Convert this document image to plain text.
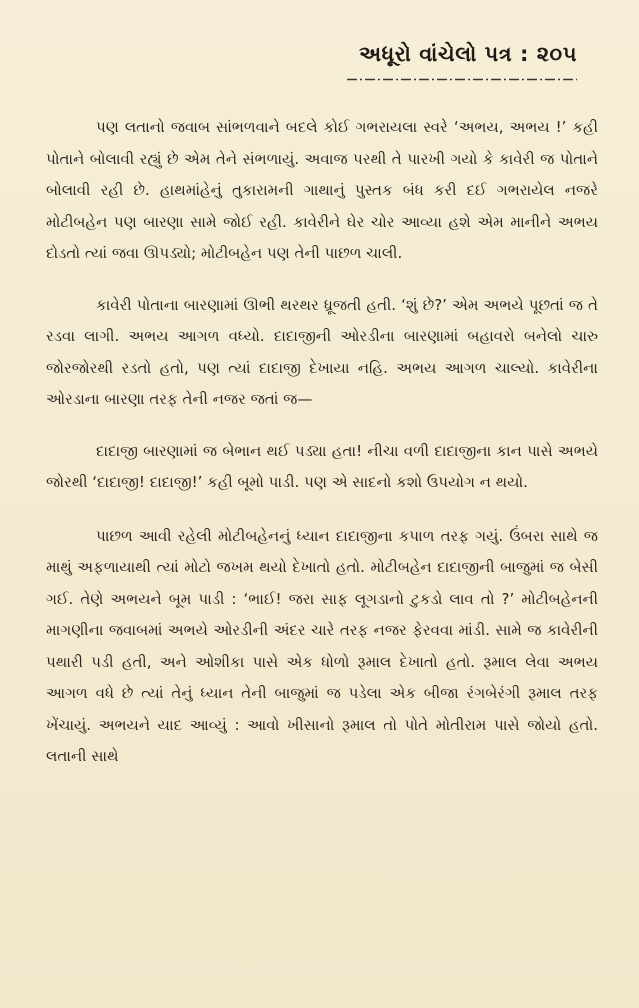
અધૂરો વાંચેલો પત્ર : ૨૦૫

પણ લતાનો જવાબ સાંભળવાને બદલે કોઈ ગભરાયલા સ્વરે ‘અભય, અભય !’ કહી પોતાને બોલાવી રહ્યું છે એમ તેને સંભળાયું. અવાજ પરથી તે પારખી ગયો કે કાવેરી જ પોતાને બોલાવી રહી છે. હાથમાંહેનું તુકારામની ગાથાનું પુસ્તક બંધ કરી દઈ ગભરાયેલ નજરે મોટીબહેન પણ બારણા સામે જોઈ રહી. કાવેરીને ઘેર ચોર આવ્યા હશે એમ માનીને અભય દોડતો ત્યાં જવા ઊપડ્યો; મોટીબહેન પણ તેની પાછળ ચાલી.

કાવેરી પોતાના બારણામાં ઊભી થરથર ધ્રૂજતી હતી. ‘શું છે?’ એમ અભયે પૂછતાં જ તે રડવા લાગી. અભય આગળ વધ્યો. દાદાજીની ઓરડીના બારણામાં બહાવરો બનેલો ચારુ જોરજોરથી રડતો હતો, પણ ત્યાં દાદાજી દેખાયા નહિ. અભય આગળ ચાલ્યો. કાવેરીના ઓરડાના બારણા તરફ તેની નજર જતાં જ—

દાદાજી બારણામાં જ બેભાન થઈ પડ્યા હતા! નીચા વળી દાદાજીના કાન પાસે અભયે જોરથી ‘દાદાજી! દાદાજી!’ કહી બૂમો પાડી. પણ એ સાદનો કશો ઉપયોગ ન થયો.

પાછળ આવી રહેલી મોટીબહેનનું ધ્યાન દાદાજીના કપાળ તરફ ગયું. ઉંબરા સાથે જ માથું અફળાયાથી ત્યાં મોટો જખમ થયો દેખાતો હતો. મોટીબહેન દાદાજીની બાજુમાં જ બેસી ગઈ. તેણે અભયને બૂમ પાડી : ‘ભાઈ! જરા સાફ લૂગડાનો ટુકડો લાવ તો ?’ મોટીબહેનની માગણીના જવાબમાં અભયે ઓરડીની અંદર ચારે તરફ નજર ફેરવવા માંડી. સામે જ કાવેરીની પથારી પડી હતી, અને ઓશીકા પાસે એક ધોળો રૂમાલ દેખાતો હતો. રૂમાલ લેવા અભય આગળ વધે છે ત્યાં તેનું ધ્યાન તેની બાજુમાં જ પડેલા એક બીજા રંગબેરંગી રૂમાલ તરફ ખેંચાયું. અભયને યાદ આવ્યું : આવો ખીસાનો રૂમાલ તો પોતે મોતીરામ પાસે જોયો હતો. લતાની સાથે
